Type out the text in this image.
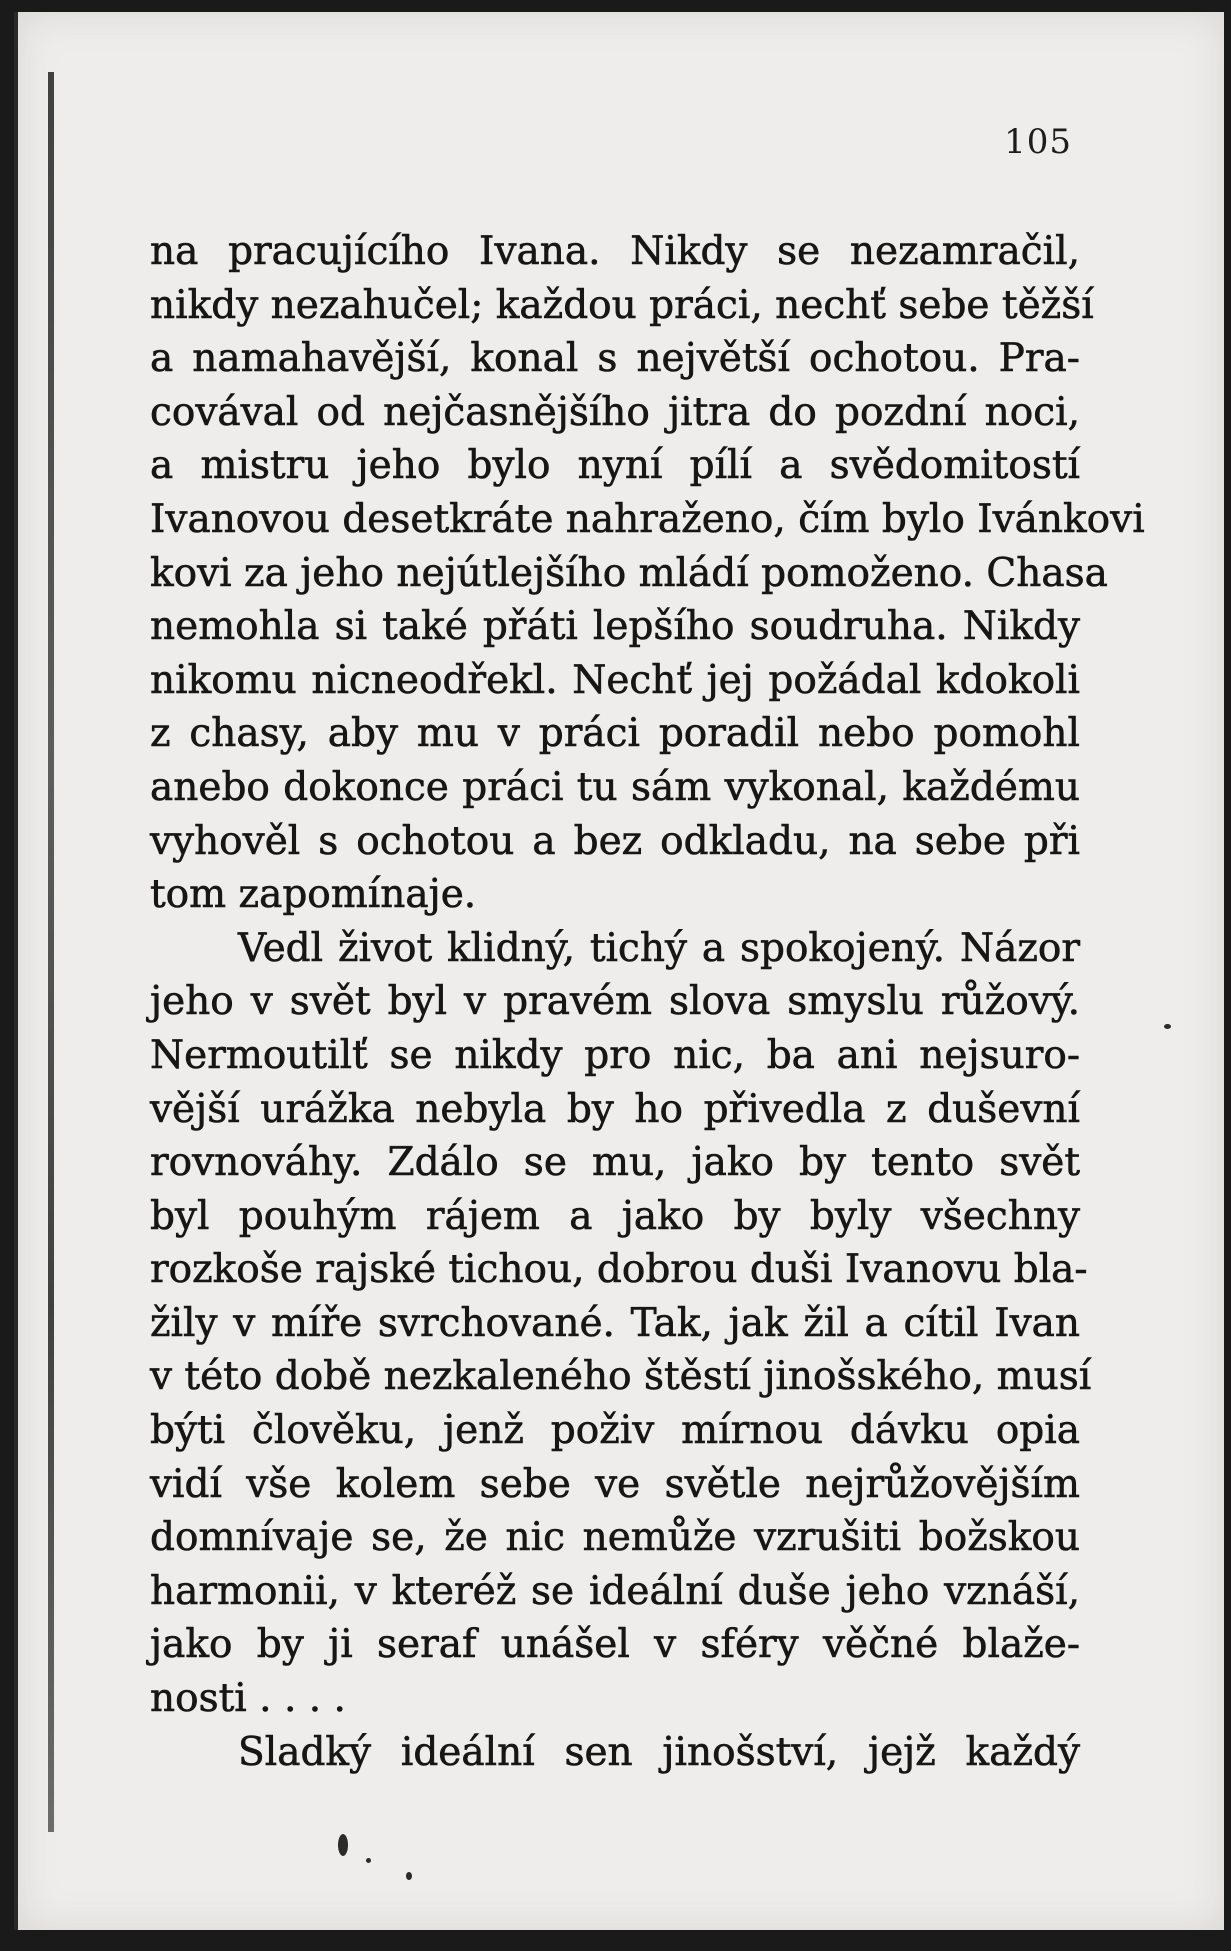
105
na pracujícího Ivana. Nikdy se nezamračil,
nikdy nezahučel; každou práci, nechť sebe těžší
a namahavější, konal s největší ochotou. Pra-
covával od nejčasnějšího jitra do pozdní noci,
a mistru jeho bylo nyní pílí a svědomitostí
Ivanovou desetkráte nahraženo, čím bylo Ivánkovi
kovi za jeho nejútlejšího mládí pomoženo. Chasa
nemohla si také přáti lepšího soudruha. Nikdy
nikomu nicneodřekl. Nechť jej požádal kdokoli
z chasy, aby mu v práci poradil nebo pomohl
anebo dokonce práci tu sám vykonal, každému
vyhověl s ochotou a bez odkladu, na sebe při
tom zapomínaje.
Vedl život klidný, tichý a spokojený. Názor
jeho v svět byl v pravém slova smyslu růžový.
Nermoutilť se nikdy pro nic, ba ani nejsuro-
vější urážka nebyla by ho přivedla z duševní
rovnováhy. Zdálo se mu, jako by tento svět
byl pouhým rájem a jako by byly všechny
rozkoše rajské tichou, dobrou duši Ivanovu bla-
žily v míře svrchované. Tak, jak žil a cítil Ivan
v této době nezkaleného štěstí jinošského, musí
býti člověku, jenž poživ mírnou dávku opia
vidí vše kolem sebe ve světle nejrůžovějším
domnívaje se, že nic nemůže vzrušiti božskou
harmonii, v kteréž se ideální duše jeho vznáší,
jako by ji seraf unášel v sféry věčné blaže-
nosti . . . .
Sladký ideální sen jinošství, jejž každý
